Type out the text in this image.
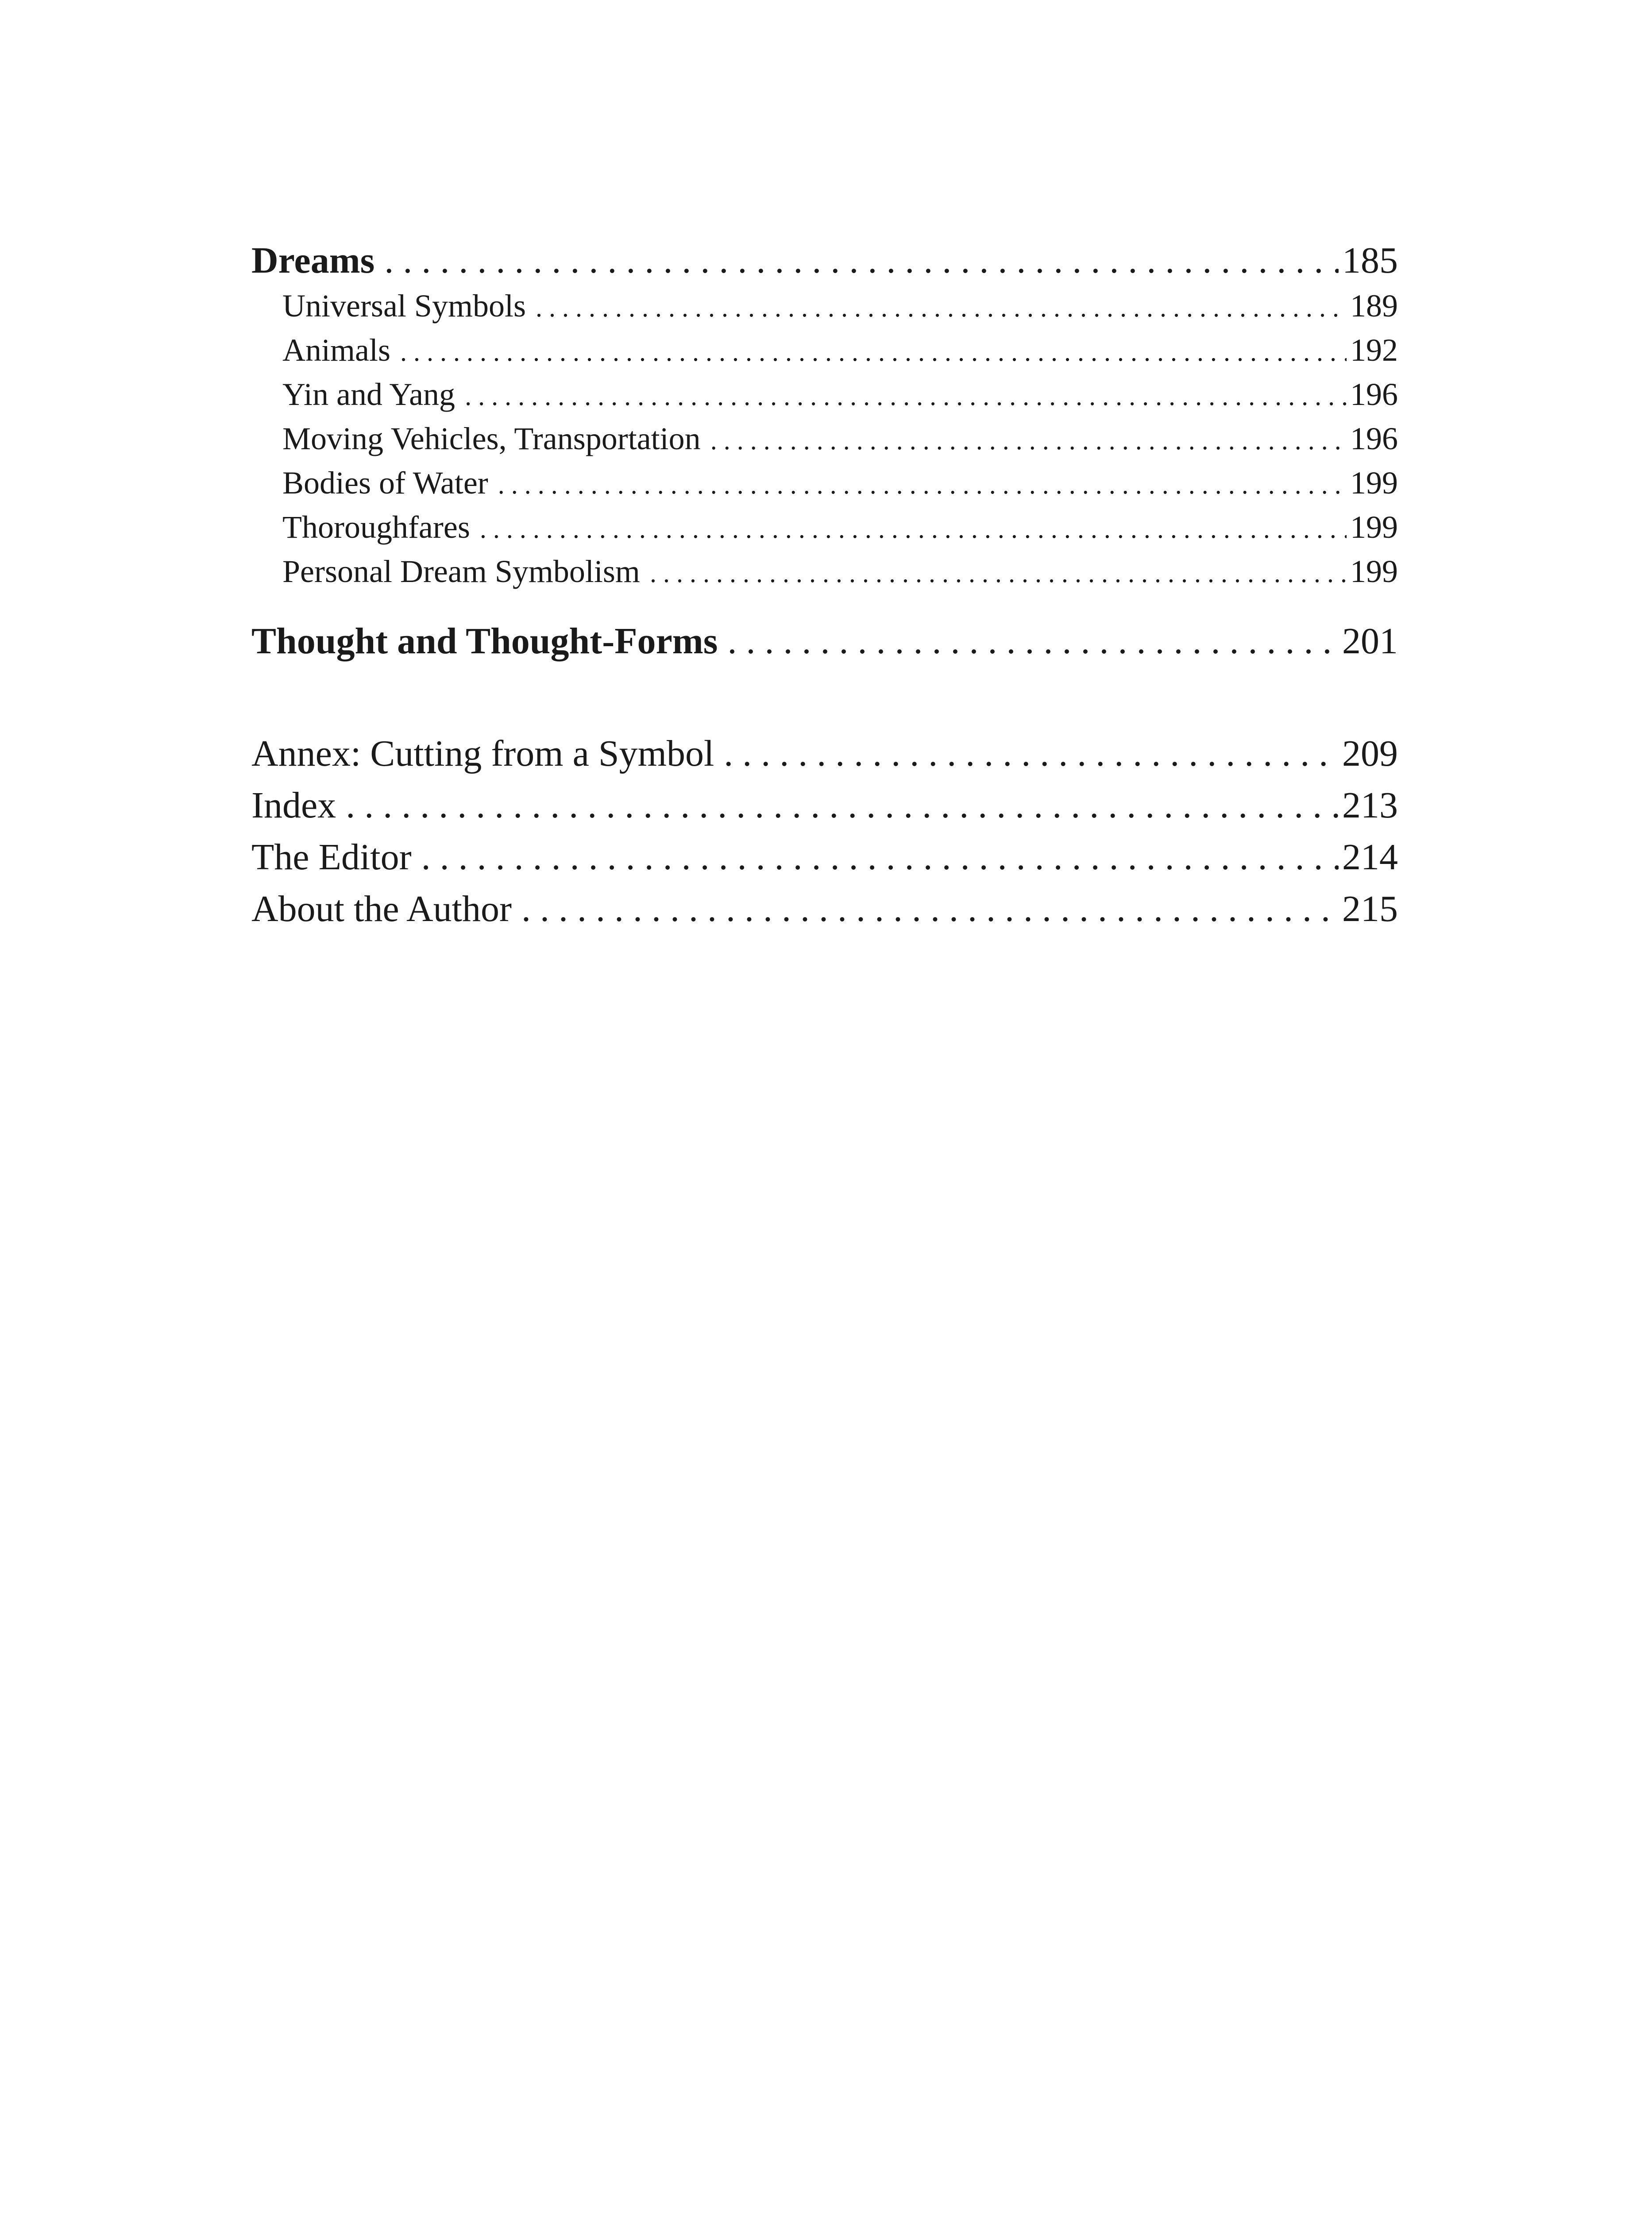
Dreams . . .	185
Universal Symbols . . .	189
Animals . . .	192
Yin and Yang . . .	196
Moving Vehicles, Transportation . . .	196
Bodies of Water . . .	199
Thoroughfares . . .	199
Personal Dream Symbolism . . .	199
Thought and Thought-Forms . . .	201
Annex: Cutting from a Symbol . . .	209
Index . . .	213
The Editor . . .	214
About the Author . . .	215
